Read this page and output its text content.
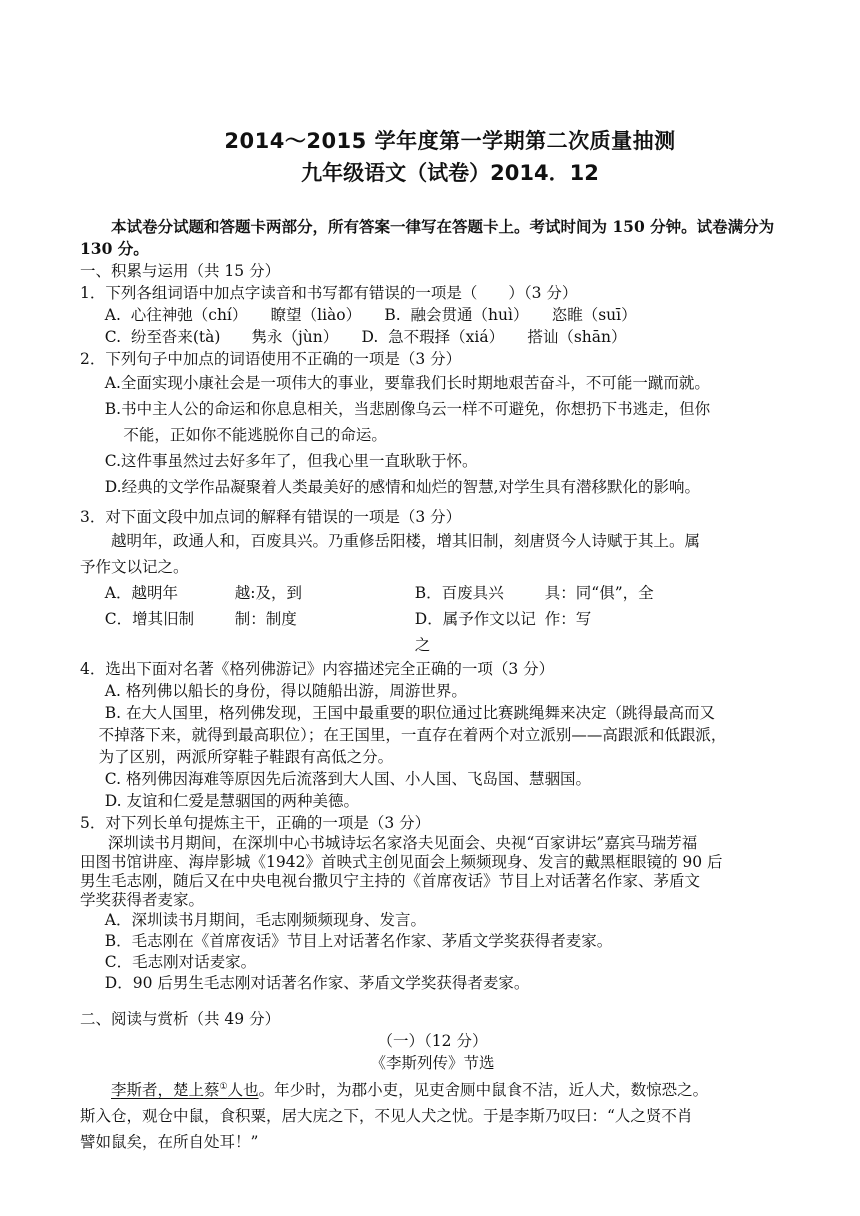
2014～2015 学年度第一学期第二次质量抽测
九年级语文（试卷）2014．12

本试卷分试题和答题卡两部分，所有答案一律写在答题卡上。考试时间为 150 分钟。试卷满分为 130 分。

一、积累与运用（共 15 分）

1．下列各组词语中加点字读音和书写都有错误的一项是（　　）（3 分）

A.  心往神弛（chí）　　瞭望（liào）　　B.  融会贯通（huì）　　恣睢（suī）

C.  纷至沓来(tà)　　隽永（jùn）　　D.  急不瑕择（xiá）　　搭讪（shān）

2．下列句子中加点的词语使用不正确的一项是（3 分）

A.全面实现小康社会是一项伟大的事业，要靠我们长时期地艰苦奋斗，不可能一蹴而就。

B.书中主人公的命运和你息息相关，当悲剧像乌云一样不可避免，你想扔下书逃走，但你

不能，正如你不能逃脱你自己的命运。

C.这件事虽然过去好多年了，但我心里一直耿耿于怀。

D.经典的文学作品凝聚着人类最美好的感情和灿烂的智慧,对学生具有潜移默化的影响。

3．对下面文段中加点词的解释有错误的一项是（3 分）

越明年，政通人和，百废具兴。乃重修岳阳楼，增其旧制，刻唐贤今人诗赋于其上。属

予作文以记之。

A．越明年	越:及，到	B．百废具兴	具：同“俱”，全
C．增其旧制	制：制度	D．属予作文以记之
作：写

4．选出下面对名著《格列佛游记》内容描述完全正确的一项（3 分）

A. 格列佛以船长的身份，得以随船出游，周游世界。

B. 在大人国里，格列佛发现，王国中最重要的职位通过比赛跳绳舞来决定（跳得最高而又

不掉落下来，就得到最高职位）；在王国里，一直存在着两个对立派别——高跟派和低跟派，

为了区别，两派所穿鞋子鞋跟有高低之分。

C. 格列佛因海难等原因先后流落到大人国、小人国、飞岛国、慧骃国。

D. 友谊和仁爱是慧骃国的两种美德。

5．对下列长单句提炼主干，正确的一项是（3 分）

深圳读书月期间，在深圳中心书城诗坛名家洛夫见面会、央视“百家讲坛”嘉宾马瑞芳福

田图书馆讲座、海岸影城《1942》首映式主创见面会上频频现身、发言的戴黑框眼镜的 90 后

男生毛志刚，随后又在中央电视台撒贝宁主持的《首席夜话》节目上对话著名作家、茅盾文

学奖获得者麦家。

A．深圳读书月期间，毛志刚频频现身、发言。

B．毛志刚在《首席夜话》节目上对话著名作家、茅盾文学奖获得者麦家。

C．毛志刚对话麦家。

D．90 后男生毛志刚对话著名作家、茅盾文学奖获得者麦家。

二、阅读与赏析（共 49 分）

（一）（12 分）

《李斯列传》节选

李斯者，楚上蔡①人也。年少时，为郡小吏，见吏舍厕中鼠食不洁，近人犬，数惊恐之。

斯入仓，观仓中鼠，食积粟，居大庑之下，不见人犬之忧。于是李斯乃叹曰：“人之贤不肖

譬如鼠矣，在所自处耳！”
